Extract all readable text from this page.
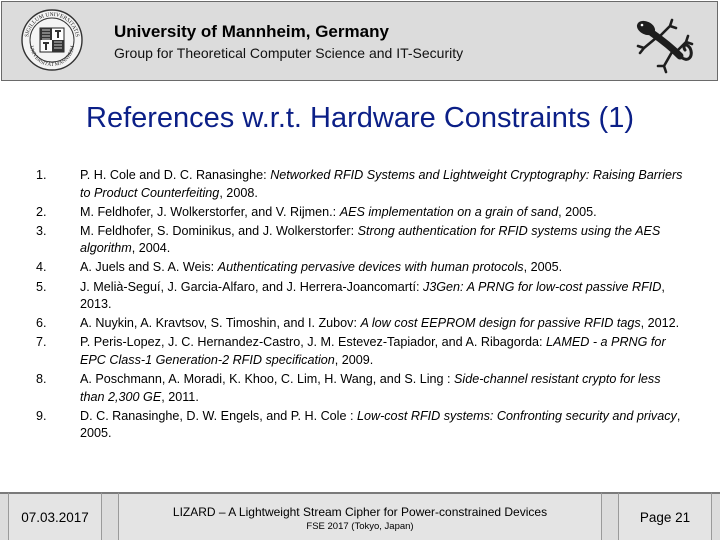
SIGILLUM UNIVERSITATIS
UNIVERSITÄT MANNHEIM
University of Mannheim, Germany
Group for Theoretical Computer Science and IT-Security
References w.r.t. Hardware Constraints (1)
1.	P. H. Cole and D. C. Ranasinghe: Networked RFID Systems and Lightweight Cryptography: Raising Barriers to Product Counterfeiting, 2008.
2.	M. Feldhofer, J. Wolkerstorfer, and V. Rijmen.: AES implementation on a grain of sand, 2005.
3.	M. Feldhofer, S. Dominikus, and J. Wolkerstorfer: Strong authentication for RFID systems using the AES algorithm, 2004.
4.	A. Juels and S. A. Weis: Authenticating pervasive devices with human protocols, 2005.
5.	J. Melià-Seguí, J. Garcia-Alfaro, and J. Herrera-Joancomartí: J3Gen: A PRNG for low-cost passive RFID, 2013.
6.	A. Nuykin, A. Kravtsov, S. Timoshin, and I. Zubov: A low cost EEPROM design for passive RFID tags, 2012.
7.	P. Peris-Lopez, J. C. Hernandez-Castro, J. M. Estevez-Tapiador, and A. Ribagorda: LAMED - a PRNG for EPC Class-1 Generation-2 RFID specification, 2009.
8.	A. Poschmann, A. Moradi, K. Khoo, C. Lim, H. Wang, and S. Ling : Side-channel resistant crypto for less than 2,300 GE, 2011.
9.	D. C. Ranasinghe, D. W. Engels, and P. H. Cole : Low-cost RFID systems: Confronting security and privacy, 2005.
07.03.2017	LIZARD – A Lightweight Stream Cipher for Power-constrained Devices
FSE 2017 (Tokyo, Japan)
Page 21
